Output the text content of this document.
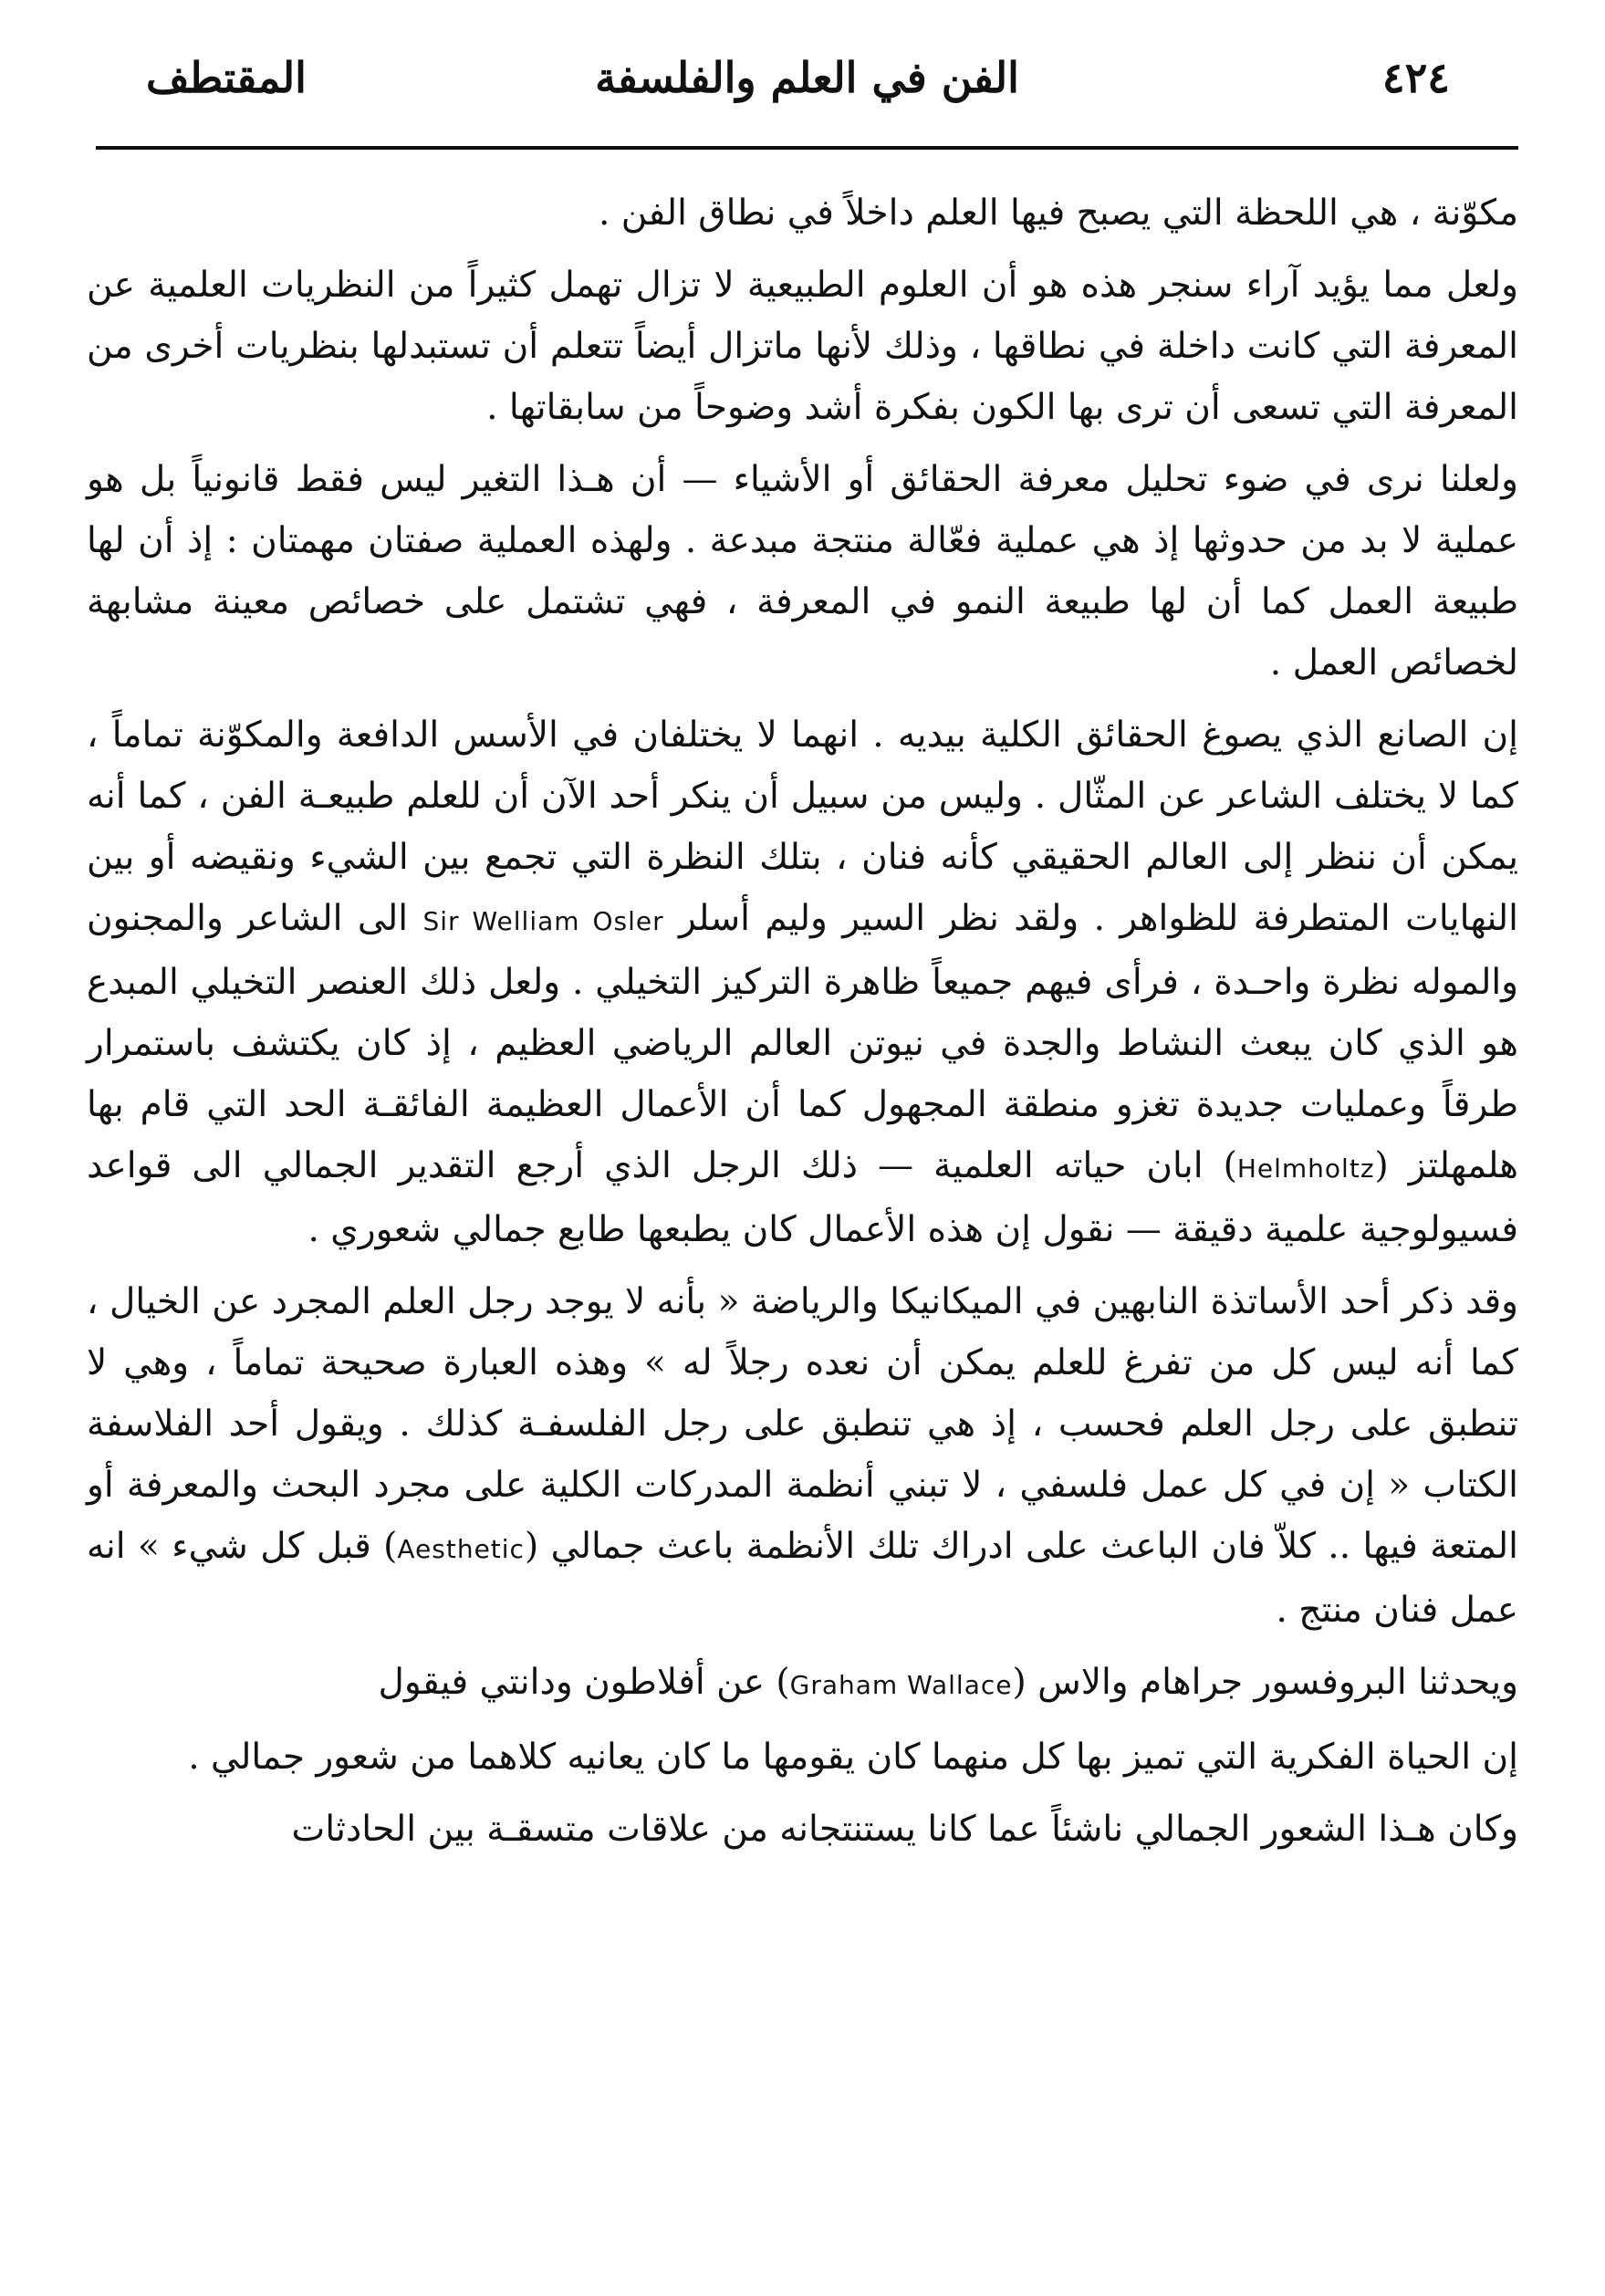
المقتطف	الفن في العلم والفلسفة	٤٢٤

مكوّنة ، هي اللحظة التي يصبح فيها العلم داخلاً في نطاق الفن .

ولعل مما يؤيد آراء سنجر هذه هو أن العلوم الطبيعية لا تزال تهمل كثيراً من النظريات العلمية عن المعرفة التي كانت داخلة في نطاقها ، وذلك لأنها ماتزال أيضاً تتعلم أن تستبدلها بنظريات أخرى من المعرفة التي تسعى أن ترى بها الكون بفكرة أشد وضوحاً من سابقاتها .

ولعلنا نرى في ضوء تحليل معرفة الحقائق أو الأشياء — أن هـذا التغير ليس فقط قانونياً بل هو عملية لا بد من حدوثها إذ هي عملية فعّالة منتجة مبدعة . ولهذه العملية صفتان مهمتان : إذ أن لها طبيعة العمل كما أن لها طبيعة النمو في المعرفة ، فهي تشتمل على خصائص معينة مشابهة لخصائص العمل .

إن الصانع الذي يصوغ الحقائق الكلية بيديه . انهما لا يختلفان في الأسس الدافعة والمكوّنة تماماً ، كما لا يختلف الشاعر عن المثّال . وليس من سبيل أن ينكر أحد الآن أن للعلم طبيعـة الفن ، كما أنه يمكن أن ننظر إلى العالم الحقيقي كأنه فنان ، بتلك النظرة التي تجمع بين الشيء ونقيضه أو بين النهايات المتطرفة للظواهر . ولقد نظر السير وليم أسلر Sir Welliam Osler الى الشاعر والمجنون والموله نظرة واحـدة ، فرأى فيهم جميعاً ظاهرة التركيز التخيلي . ولعل ذلك العنصر التخيلي المبدع هو الذي كان يبعث النشاط والجدة في نيوتن العالم الرياضي العظيم ، إذ كان يكتشف باستمرار طرقاً وعمليات جديدة تغزو منطقة المجهول كما أن الأعمال العظيمة الفائقـة الحد التي قام بها هلمهلتز (Helmholtz) ابان حياته العلمية — ذلك الرجل الذي أرجع التقدير الجمالي الى قواعد فسيولوجية علمية دقيقة — نقول إن هذه الأعمال كان يطبعها طابع جمالي شعوري .

وقد ذكر أحد الأساتذة النابهين في الميكانيكا والرياضة « بأنه لا يوجد رجل العلم المجرد عن الخيال ، كما أنه ليس كل من تفرغ للعلم يمكن أن نعده رجلاً له » وهذه العبارة صحيحة تماماً ، وهي لا تنطبق على رجل العلم فحسب ، إذ هي تنطبق على رجل الفلسفـة كذلك . ويقول أحد الفلاسفة الكتاب « إن في كل عمل فلسفي ، لا تبني أنظمة المدركات الكلية على مجرد البحث والمعرفة أو المتعة فيها .. كلاّ فان الباعث على ادراك تلك الأنظمة باعث جمالي (Aesthetic) قبل كل شيء » انه عمل فنان منتج .

ويحدثنا البروفسور جراهام والاس (Graham Wallace) عن أفلاطون ودانتي فيقول

إن الحياة الفكرية التي تميز بها كل منهما كان يقومها ما كان يعانيه كلاهما من شعور جمالي .

وكان هـذا الشعور الجمالي ناشئاً عما كانا يستنتجانه من علاقات متسقـة بين الحادثات
